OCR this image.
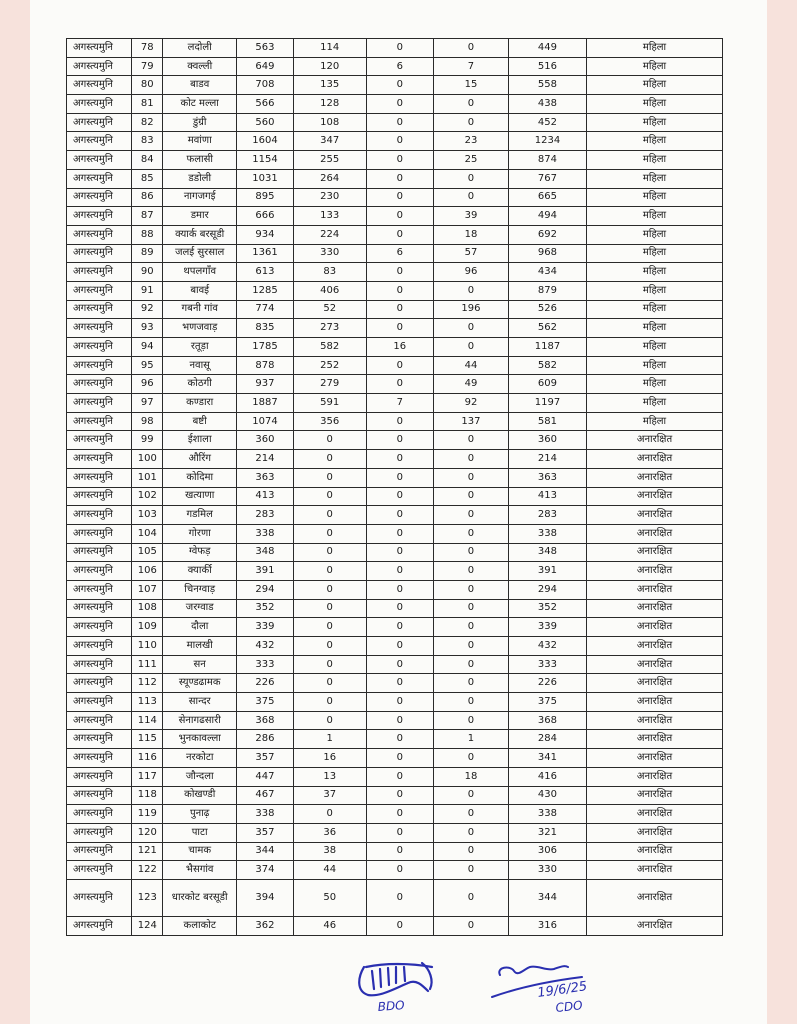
अगस्त्यमुनि	78	लदोली	563	114	0	0	449	महिला
अगस्त्यमुनि	79	क्वल्ली	649	120	6	7	516	महिला
अगस्त्यमुनि	80	बाडव	708	135	0	15	558	महिला
अगस्त्यमुनि	81	कोट मल्ला	566	128	0	0	438	महिला
अगस्त्यमुनि	82	डुंग्री	560	108	0	0	452	महिला
अगस्त्यमुनि	83	मवांणा	1604	347	0	23	1234	महिला
अगस्त्यमुनि	84	फलासी	1154	255	0	25	874	महिला
अगस्त्यमुनि	85	डडोली	1031	264	0	0	767	महिला
अगस्त्यमुनि	86	नागजगई	895	230	0	0	665	महिला
अगस्त्यमुनि	87	डमार	666	133	0	39	494	महिला
अगस्त्यमुनि	88	क्यार्क बरसूडी	934	224	0	18	692	महिला
अगस्त्यमुनि	89	जलई सुरसाल	1361	330	6	57	968	महिला
अगस्त्यमुनि	90	थपलगाँव	613	83	0	96	434	महिला
अगस्त्यमुनि	91	बावई	1285	406	0	0	879	महिला
अगस्त्यमुनि	92	गबनी गांव	774	52	0	196	526	महिला
अगस्त्यमुनि	93	भणजवाड़	835	273	0	0	562	महिला
अगस्त्यमुनि	94	रतूड़ा	1785	582	16	0	1187	महिला
अगस्त्यमुनि	95	नवासू	878	252	0	44	582	महिला
अगस्त्यमुनि	96	कोठगी	937	279	0	49	609	महिला
अगस्त्यमुनि	97	कण्डारा	1887	591	7	92	1197	महिला
अगस्त्यमुनि	98	बष्टी	1074	356	0	137	581	महिला
अगस्त्यमुनि	99	ईशाला	360	0	0	0	360	अनारक्षित
अगस्त्यमुनि	100	औरिंग	214	0	0	0	214	अनारक्षित
अगस्त्यमुनि	101	कोदिमा	363	0	0	0	363	अनारक्षित
अगस्त्यमुनि	102	खत्याणा	413	0	0	0	413	अनारक्षित
अगस्त्यमुनि	103	गडमिल	283	0	0	0	283	अनारक्षित
अगस्त्यमुनि	104	गोरणा	338	0	0	0	338	अनारक्षित
अगस्त्यमुनि	105	ग्वेफड़	348	0	0	0	348	अनारक्षित
अगस्त्यमुनि	106	क्यार्की	391	0	0	0	391	अनारक्षित
अगस्त्यमुनि	107	चिनग्वाड़	294	0	0	0	294	अनारक्षित
अगस्त्यमुनि	108	जरग्वाड	352	0	0	0	352	अनारक्षित
अगस्त्यमुनि	109	दौला	339	0	0	0	339	अनारक्षित
अगस्त्यमुनि	110	मालखी	432	0	0	0	432	अनारक्षित
अगस्त्यमुनि	111	सन	333	0	0	0	333	अनारक्षित
अगस्त्यमुनि	112	स्यूण्डढामक	226	0	0	0	226	अनारक्षित
अगस्त्यमुनि	113	सान्दर	375	0	0	0	375	अनारक्षित
अगस्त्यमुनि	114	सेनागढसारी	368	0	0	0	368	अनारक्षित
अगस्त्यमुनि	115	भुनकावल्ला	286	1	0	1	284	अनारक्षित
अगस्त्यमुनि	116	नरकोटा	357	16	0	0	341	अनारक्षित
अगस्त्यमुनि	117	जौन्दला	447	13	0	18	416	अनारक्षित
अगस्त्यमुनि	118	कोखण्डी	467	37	0	0	430	अनारक्षित
अगस्त्यमुनि	119	पुनाढ़	338	0	0	0	338	अनारक्षित
अगस्त्यमुनि	120	पाटा	357	36	0	0	321	अनारक्षित
अगस्त्यमुनि	121	चामक	344	38	0	0	306	अनारक्षित
अगस्त्यमुनि	122	भैसगांव	374	44	0	0	330	अनारक्षित
अगस्त्यमुनि	123	धारकोट बरसूडी	394	50	0	0	344	अनारक्षित
अगस्त्यमुनि	124	कलाकोट	362	46	0	0	316	अनारक्षित
BDO
19/6/25
CDO
